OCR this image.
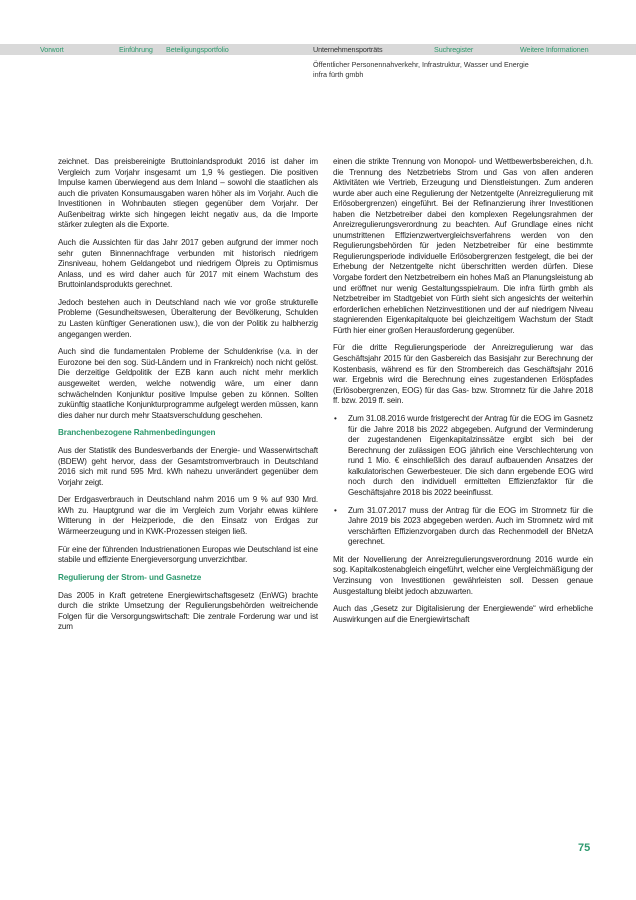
Vorwort	Einführung Beteiligungsportfolio	Unternehmensporträts	Suchregister	Weitere Informationen
Öffentlicher Personennahverkehr, Infrastruktur, Wasser und Energie
infra fürth gmbh

zeichnet. Das preisbereinigte Bruttoinlandsprodukt 2016 ist daher im Vergleich zum Vorjahr insgesamt um 1,9 % gestiegen. Die positiven Impulse kamen überwiegend aus dem Inland – sowohl die staatlichen als auch die privaten Konsumausgaben waren höher als im Vorjahr. Auch die Investitionen in Wohnbauten stiegen gegenüber dem Vorjahr. Der Außenbeitrag wirkte sich hingegen leicht negativ aus, da die Importe stärker zulegten als die Exporte.

Auch die Aussichten für das Jahr 2017 geben aufgrund der immer noch sehr guten Binnennachfrage verbunden mit historisch niedrigem Zinsniveau, hohem Geldangebot und niedrigem Ölpreis zu Optimismus Anlass, und es wird daher auch für 2017 mit einem Wachstum des Bruttoinlandsprodukts gerechnet.

Jedoch bestehen auch in Deutschland nach wie vor große strukturelle Probleme (Gesundheitswesen, Überalterung der Bevölkerung, Schulden zu Lasten künftiger Generationen usw.), die von der Politik zu halbherzig angegangen werden.

Auch sind die fundamentalen Probleme der Schuldenkrise (v.a. in der Eurozone bei den sog. Süd-Ländern und in Frankreich) noch nicht gelöst. Die derzeitige Geldpolitik der EZB kann auch nicht mehr merklich ausgeweitet werden, welche notwendig wäre, um einer dann schwächelnden Konjunktur positive Impulse geben zu können. Sollten zukünftig staatliche Konjunkturprogramme aufgelegt werden müssen, kann dies daher nur durch mehr Staatsverschuldung geschehen.

Branchenbezogene Rahmenbedingungen

Aus der Statistik des Bundesverbands der Energie- und Wasserwirtschaft (BDEW) geht hervor, dass der Gesamtstromverbrauch in Deutschland 2016 sich mit rund 595 Mrd. kWh nahezu unverändert gegenüber dem Vorjahr zeigt.

Der Erdgasverbrauch in Deutschland nahm 2016 um 9 % auf 930 Mrd. kWh zu. Hauptgrund war die im Vergleich zum Vorjahr etwas kühlere Witterung in der Heizperiode, die den Einsatz von Erdgas zur Wärmeerzeugung und in KWK-Prozessen steigen ließ.

Für eine der führenden Industrienationen Europas wie Deutschland ist eine stabile und effiziente Energieversorgung unverzichtbar.

Regulierung der Strom- und Gasnetze

Das 2005 in Kraft getretene Energiewirtschaftsgesetz (EnWG) brachte durch die strikte Umsetzung der Regulierungsbehörden weitreichende Folgen für die Versorgungswirtschaft: Die zentrale Forderung war und ist zum

einen die strikte Trennung von Monopol- und Wettbewerbsbereichen, d.h. die Trennung des Netzbetriebs Strom und Gas von allen anderen Aktivitäten wie Vertrieb, Erzeugung und Dienstleistungen. Zum anderen wurde aber auch eine Regulierung der Netzentgelte (Anreizregulierung mit Erlösobergrenzen) eingeführt. Bei der Refinanzierung ihrer Investitionen haben die Netzbetreiber dabei den komplexen Regelungsrahmen der Anreizregulierungsverordnung zu beachten. Auf Grundlage eines nicht unumstrittenen Effizienzwertvergleichsverfahrens werden von den Regulierungsbehörden für jeden Netzbetreiber für eine bestimmte Regulierungsperiode individuelle Erlösobergrenzen festgelegt, die bei der Erhebung der Netzentgelte nicht überschritten werden dürfen. Diese Vorgabe fordert den Netzbetreibern ein hohes Maß an Planungsleistung ab und eröffnet nur wenig Gestaltungsspielraum. Die infra fürth gmbh als Netzbetreiber im Stadtgebiet von Fürth sieht sich angesichts der weiterhin erforderlichen erheblichen Netzinvestitionen und der auf niedrigem Niveau stagnierenden Eigenkapitalquote bei gleichzeitigem Wachstum der Stadt Fürth hier einer großen Herausforderung gegenüber.

Für die dritte Regulierungsperiode der Anreizregulierung war das Geschäftsjahr 2015 für den Gasbereich das Basisjahr zur Berechnung der Kostenbasis, während es für den Strombereich das Geschäftsjahr 2016 war. Ergebnis wird die Berechnung eines zugestandenen Erlöspfades (Erlösobergrenzen, EOG) für das Gas- bzw. Stromnetz für die Jahre 2018 ff. bzw. 2019 ff. sein.

• Zum 31.08.2016 wurde fristgerecht der Antrag für die EOG im Gasnetz für die Jahre 2018 bis 2022 abgegeben. Aufgrund der Verminderung der zugestandenen Eigenkapitalzinssätze ergibt sich bei der Berechnung der zulässigen EOG jährlich eine Verschlechterung von rund 1 Mio. € einschließlich des darauf aufbauenden Ansatzes der kalkulatorischen Gewerbesteuer. Die sich dann ergebende EOG wird noch durch den individuell ermittelten Effizienzfaktor für die Geschäftsjahre 2018 bis 2022 beeinflusst.
• Zum 31.07.2017 muss der Antrag für die EOG im Stromnetz für die Jahre 2019 bis 2023 abgegeben werden. Auch im Stromnetz wird mit verschärften Effizienzvorgaben durch das Rechenmodell der BNetzA gerechnet.

Mit der Novellierung der Anreizregulierungsverordnung 2016 wurde ein sog. Kapitalkostenabgleich eingeführt, welcher eine Vergleichmäßigung der Verzinsung von Investitionen gewährleisten soll. Dessen genaue Ausgestaltung bleibt jedoch abzuwarten.

Auch das „Gesetz zur Digitalisierung der Energiewende“ wird erhebliche Auswirkungen auf die Energiewirtschaft

75
